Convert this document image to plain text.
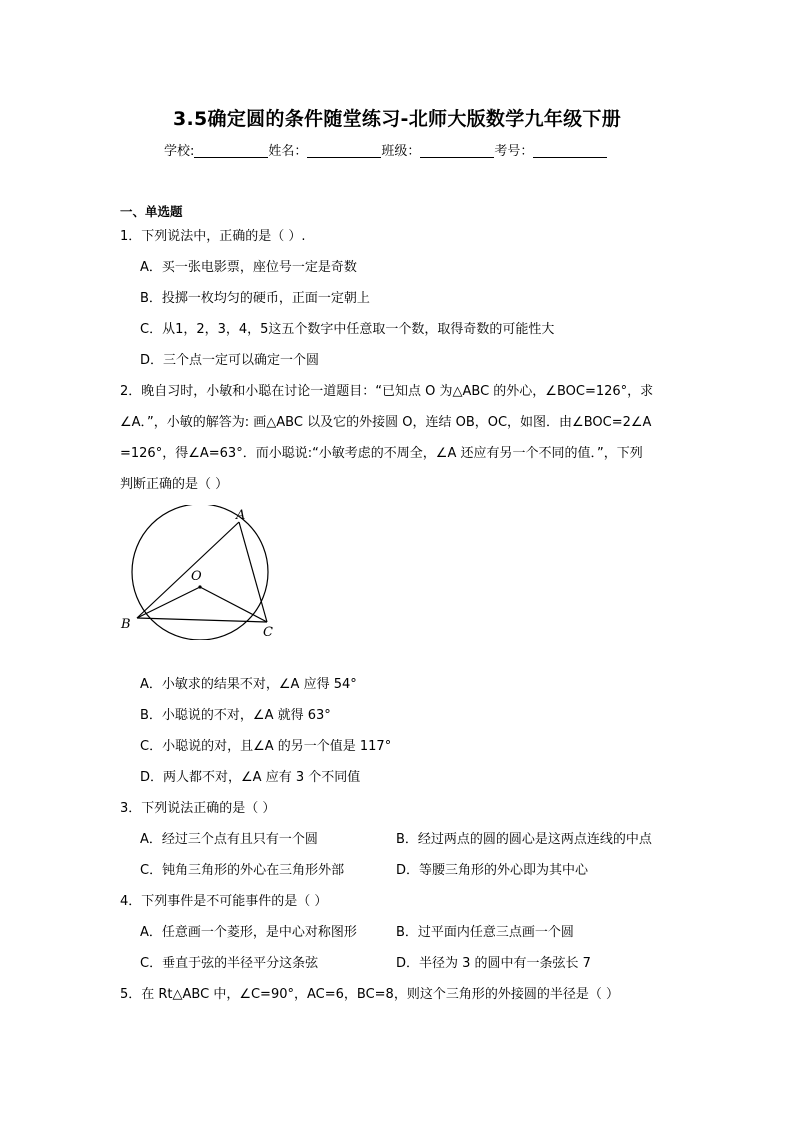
3.5确定圆的条件随堂练习-北师大版数学九年级下册
学校:	姓名：	班级：	考号：
一、单选题
1．下列说法中，正确的是（ ）.
A．买一张电影票，座位号一定是奇数
B．投掷一枚均匀的硬币，正面一定朝上
C．从1，2，3，4，5这五个数字中任意取一个数，取得奇数的可能性大
D．三个点一定可以确定一个圆
2．晚自习时，小敏和小聪在讨论一道题目：“已知点 O 为△ABC 的外心，∠BOC=126°，求
∠A．”，小敏的解答为: 画△ABC 以及它的外接圆 O，连结 OB，OC，如图．由∠BOC=2∠A
=126°，得∠A=63°．而小聪说:“小敏考虑的不周全，∠A 还应有另一个不同的值．”，下列
判断正确的是（ ）
A
O
B
C
A．小敏求的结果不对，∠A 应得 54°
B．小聪说的不对，∠A 就得 63°
C．小聪说的对，且∠A 的另一个值是 117°
D．两人都不对，∠A 应有 3 个不同值
3．下列说法正确的是（ ）
A．经过三个点有且只有一个圆	B．经过两点的圆的圆心是这两点连线的中点
C．钝角三角形的外心在三角形外部	D．等腰三角形的外心即为其中心
4．下列事件是不可能事件的是（ ）
A．任意画一个菱形，是中心对称图形	B．过平面内任意三点画一个圆
C．垂直于弦的半径平分这条弦	D．半径为 3 的圆中有一条弦长 7
5．在 Rt△ABC 中，∠C=90°，AC=6，BC=8，则这个三角形的外接圆的半径是（ ）
